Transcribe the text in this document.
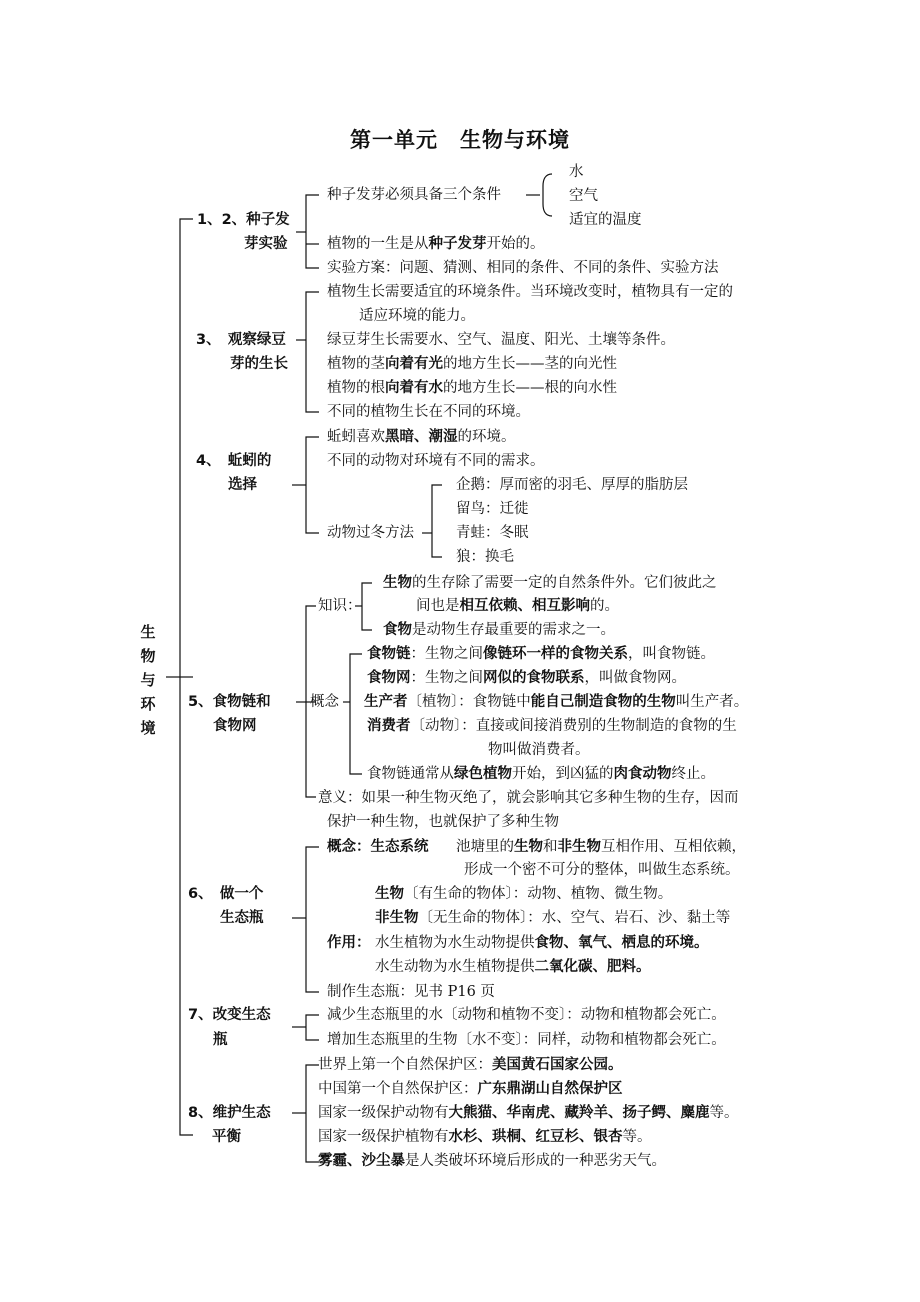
第一单元　生物与环境
生
物
与
环
境
1、2、种子发
芽实验
种子发芽必须具备三个条件
水
空气
适宜的温度
植物的一生是从种子发芽开始的。
实验方案：问题、猜测、相同的条件、不同的条件、实验方法
3、　观察绿豆
芽的生长
植物生长需要适宜的环境条件。当环境改变时，植物具有一定的
适应环境的能力。
绿豆芽生长需要水、空气、温度、阳光、土壤等条件。
植物的茎向着有光的地方生长——茎的向光性
植物的根向着有水的地方生长——根的向水性
不同的植物生长在不同的环境。
4、　蚯蚓的
选择
蚯蚓喜欢黑暗、潮湿的环境。
不同的动物对环境有不同的需求。
动物过冬方法
企鹅：厚而密的羽毛、厚厚的脂肪层
留鸟：迁徙
青蛙：冬眠
狼：换毛
5、食物链和
食物网
知识：
生物的生存除了需要一定的自然条件外。它们彼此之
间也是相互依赖、相互影响的。
食物是动物生存最重要的需求之一。
概念
食物链：生物之间像链环一样的食物关系，叫食物链。
食物网：生物之间网似的食物联系，叫做食物网。
生产者〔植物〕：食物链中能自己制造食物的生物叫生产者。
消费者〔动物〕：直接或间接消费别的生物制造的食物的生
物叫做消费者。
食物链通常从绿色植物开始，到凶猛的肉食动物终止。
意义：如果一种生物灭绝了，就会影响其它多种生物的生存，因而
保护一种生物，也就保护了多种生物
6、　做一个
生态瓶
概念：生态系统 池塘里的生物和非生物互相作用、互相依赖，
形成一个密不可分的整体，叫做生态系统。
生物〔有生命的物体〕：动物、植物、微生物。
非生物〔无生命的物体〕：水、空气、岩石、沙、黏土等
作用： 水生植物为水生动物提供食物、氧气、栖息的环境。
水生动物为水生植物提供二氧化碳、肥料。
制作生态瓶：见书 P16 页
7、改变生态
瓶
减少生态瓶里的水〔动物和植物不变〕：动物和植物都会死亡。
增加生态瓶里的生物〔水不变〕：同样，动物和植物都会死亡。
8、维护生态
平衡
世界上第一个自然保护区：美国黄石国家公园。
中国第一个自然保护区：广东鼎湖山自然保护区
国家一级保护动物有大熊猫、华南虎、藏羚羊、扬子鳄、麋鹿等。
国家一级保护植物有水杉、珙桐、红豆杉、银杏等。
雾霾、沙尘暴是人类破坏环境后形成的一种恶劣天气。
